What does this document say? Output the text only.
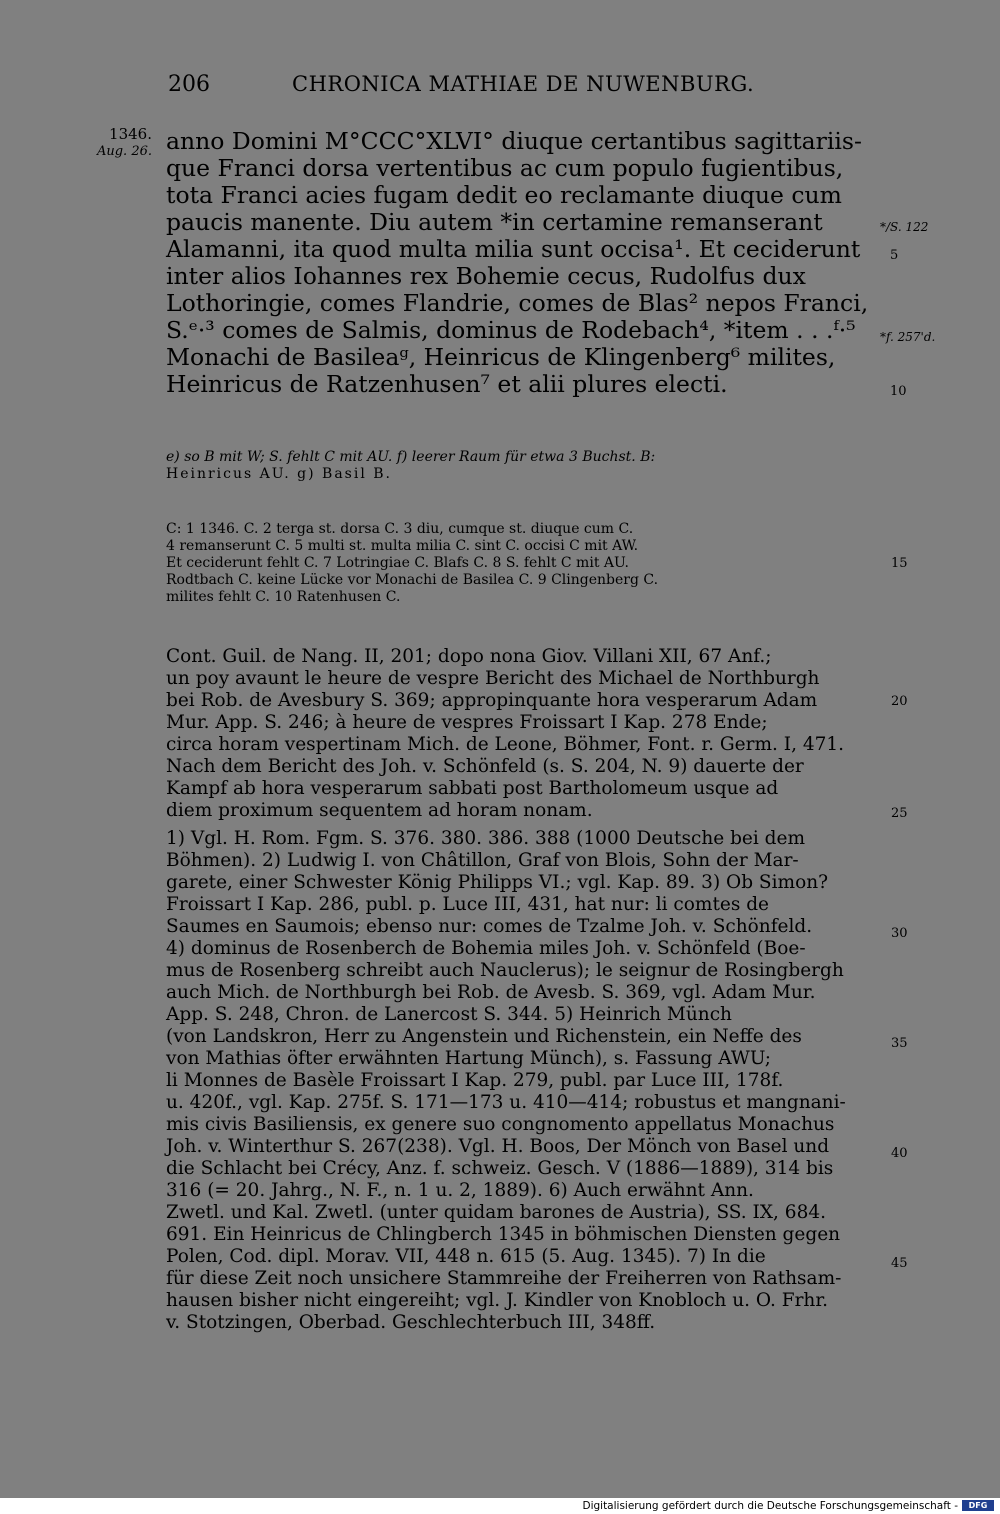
206	CHRONICA MATHIAE DE NUWENBURG.
1346.
Aug. 26. anno Domini M°CCC°XLVI° diuque certantibus sagittariis-
que Franci dorsa vertentibus ac cum populo fugientibus,
tota Franci acies fugam dedit eo reclamante diuque cum
paucis manente. Diu autem *in certamine remanserant
Alamanni, ita quod multa milia sunt occisa¹. Et ceciderunt
inter alios Iohannes rex Bohemie cecus, Rudolfus dux
Lothoringie, comes Flandrie, comes de Blas² nepos Franci,
S.ᵉ·³ comes de Salmis, dominus de Rodebach⁴, *item . . .ᶠ·⁵
Monachi de Basileaᵍ, Heinricus de Klingenberg⁶ milites,
Heinricus de Ratzenhusen⁷ et alii plures electi.
*/S. 122
*f. 257'd.
5
10
e) so B mit W; S. fehlt C mit AU. f) leerer Raum für etwa 3 Buchst. B:
Heinricus AU. g) Basil B.
C: 1 1346. C. 2 terga st. dorsa C. 3 diu, cumque st. diuque cum C.
4 remanserunt C. 5 multi st. multa milia C. sint C. occisi C mit AW.
Et ceciderunt fehlt C. 7 Lotringiae C. Blafs C. 8 S. fehlt C mit AU.
Rodtbach C. keine Lücke vor Monachi de Basilea C. 9 Clingenberg C.
milites fehlt C. 10 Ratenhusen C.
15
Cont. Guil. de Nang. II, 201; dopo nona Giov. Villani XII, 67 Anf.;
un poy avaunt le heure de vespre Bericht des Michael de Northburgh
bei Rob. de Avesbury S. 369; appropinquante hora vesperarum Adam
Mur. App. S. 246; à heure de vespres Froissart I Kap. 278 Ende;
circa horam vespertinam Mich. de Leone, Böhmer, Font. r. Germ. I, 471.
Nach dem Bericht des Joh. v. Schönfeld (s. S. 204, N. 9) dauerte der
Kampf ab hora vesperarum sabbati post Bartholomeum usque ad
diem proximum sequentem ad horam nonam.
20
25
1) Vgl. H. Rom. Fgm. S. 376. 380. 386. 388 (1000 Deutsche bei dem
Böhmen). 2) Ludwig I. von Châtillon, Graf von Blois, Sohn der Mar-
garete, einer Schwester König Philipps VI.; vgl. Kap. 89. 3) Ob Simon?
Froissart I Kap. 286, publ. p. Luce III, 431, hat nur: li comtes de
Saumes en Saumois; ebenso nur: comes de Tzalme Joh. v. Schönfeld.
4) dominus de Rosenberch de Bohemia miles Joh. v. Schönfeld (Boe-
mus de Rosenberg schreibt auch Nauclerus); le seignur de Rosingbergh
auch Mich. de Northburgh bei Rob. de Avesb. S. 369, vgl. Adam Mur.
App. S. 248, Chron. de Lanercost S. 344. 5) Heinrich Münch
(von Landskron, Herr zu Angenstein und Richenstein, ein Neffe des
von Mathias öfter erwähnten Hartung Münch), s. Fassung AWU;
li Monnes de Basèle Froissart I Kap. 279, publ. par Luce III, 178f.
u. 420f., vgl. Kap. 275f. S. 171—173 u. 410—414; robustus et mangnani-
mis civis Basiliensis, ex genere suo congnomento appellatus Monachus
Joh. v. Winterthur S. 267(238). Vgl. H. Boos, Der Mönch von Basel und
die Schlacht bei Crécy, Anz. f. schweiz. Gesch. V (1886—1889), 314 bis
316 (= 20. Jahrg., N. F., n. 1 u. 2, 1889). 6) Auch erwähnt Ann.
Zwetl. und Kal. Zwetl. (unter quidam barones de Austria), SS. IX, 684.
691. Ein Heinricus de Chlingberch 1345 in böhmischen Diensten gegen
Polen, Cod. dipl. Morav. VII, 448 n. 615 (5. Aug. 1345). 7) In die
für diese Zeit noch unsichere Stammreihe der Freiherren von Rathsam-
hausen bisher nicht eingereiht; vgl. J. Kindler von Knobloch u. O. Frhr.
v. Stotzingen, Oberbad. Geschlechterbuch III, 348ff.
30
35
40
45
Digitalisierung gefördert durch die Deutsche Forschungsgemeinschaft -	DFG
